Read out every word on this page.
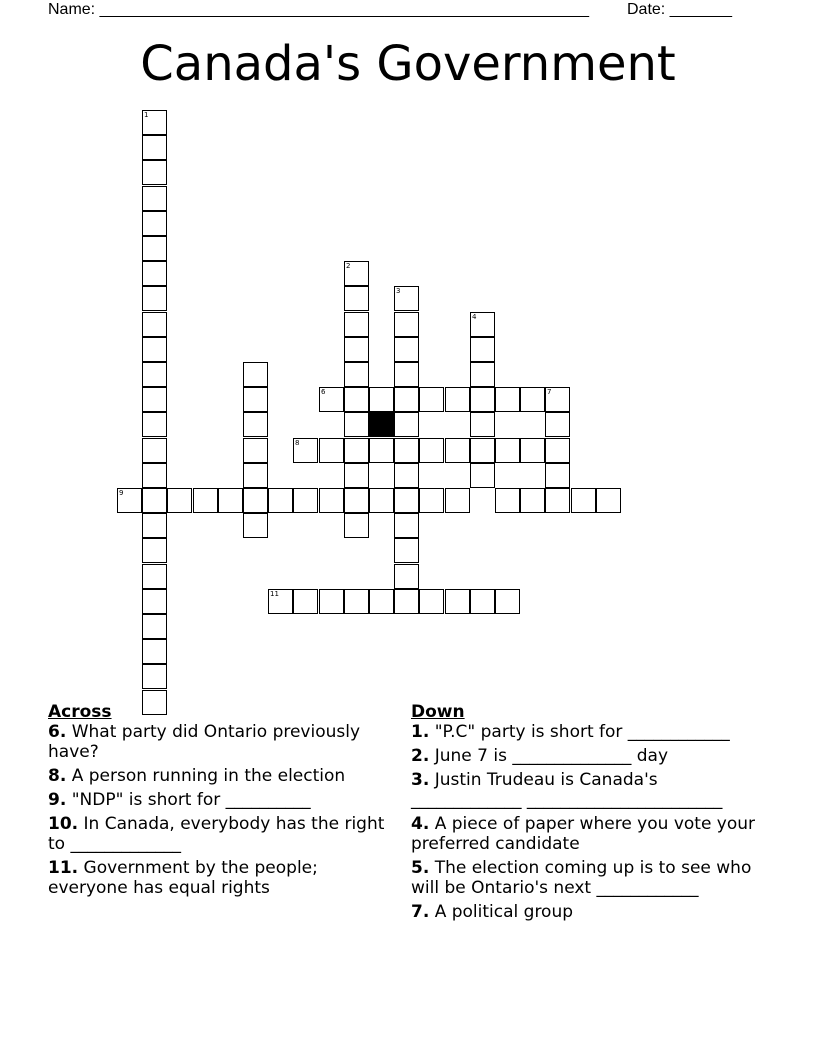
Name: _______________________________________________________ Date: _______
Canada's Government
1
2
3
4
7
9
6
8
11
Across
6. What party did Ontario previously have?
8. A person running in the election
9. "NDP" is short for __________
10. In Canada, everybody has the right to _____________
11. Government by the people; everyone has equal rights
Down
1. "P.C" party is short for ____________
2. June 7 is ______________ day
3. Justin Trudeau is Canada's _____________ _______________________
4. A piece of paper where you vote your preferred candidate
5. The election coming up is to see who will be Ontario's next ____________
7. A political group
